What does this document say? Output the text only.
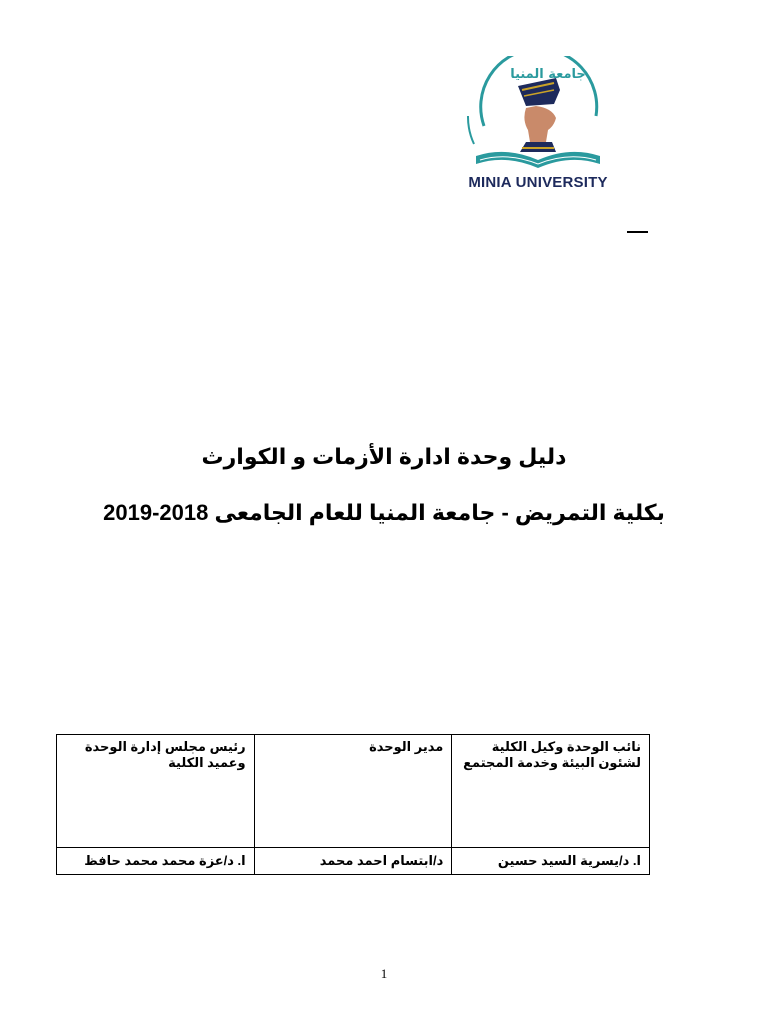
جامعة المنيا
MINIA UNIVERSITY
دليل وحدة ادارة الأزمات و الكوارث
بكلية التمريض - جامعة المنيا للعام الجامعى 2018-2019
نائب الوحدة وكيل الكلية لشئون البيئة وخدمة المجتمع	مدير الوحدة	رئيس مجلس إدارة الوحدة وعميد الكلية
ا. د/يسرية السيد حسين	د/ابتسام احمد محمد	ا. د/عزة محمد محمد حافظ
1
